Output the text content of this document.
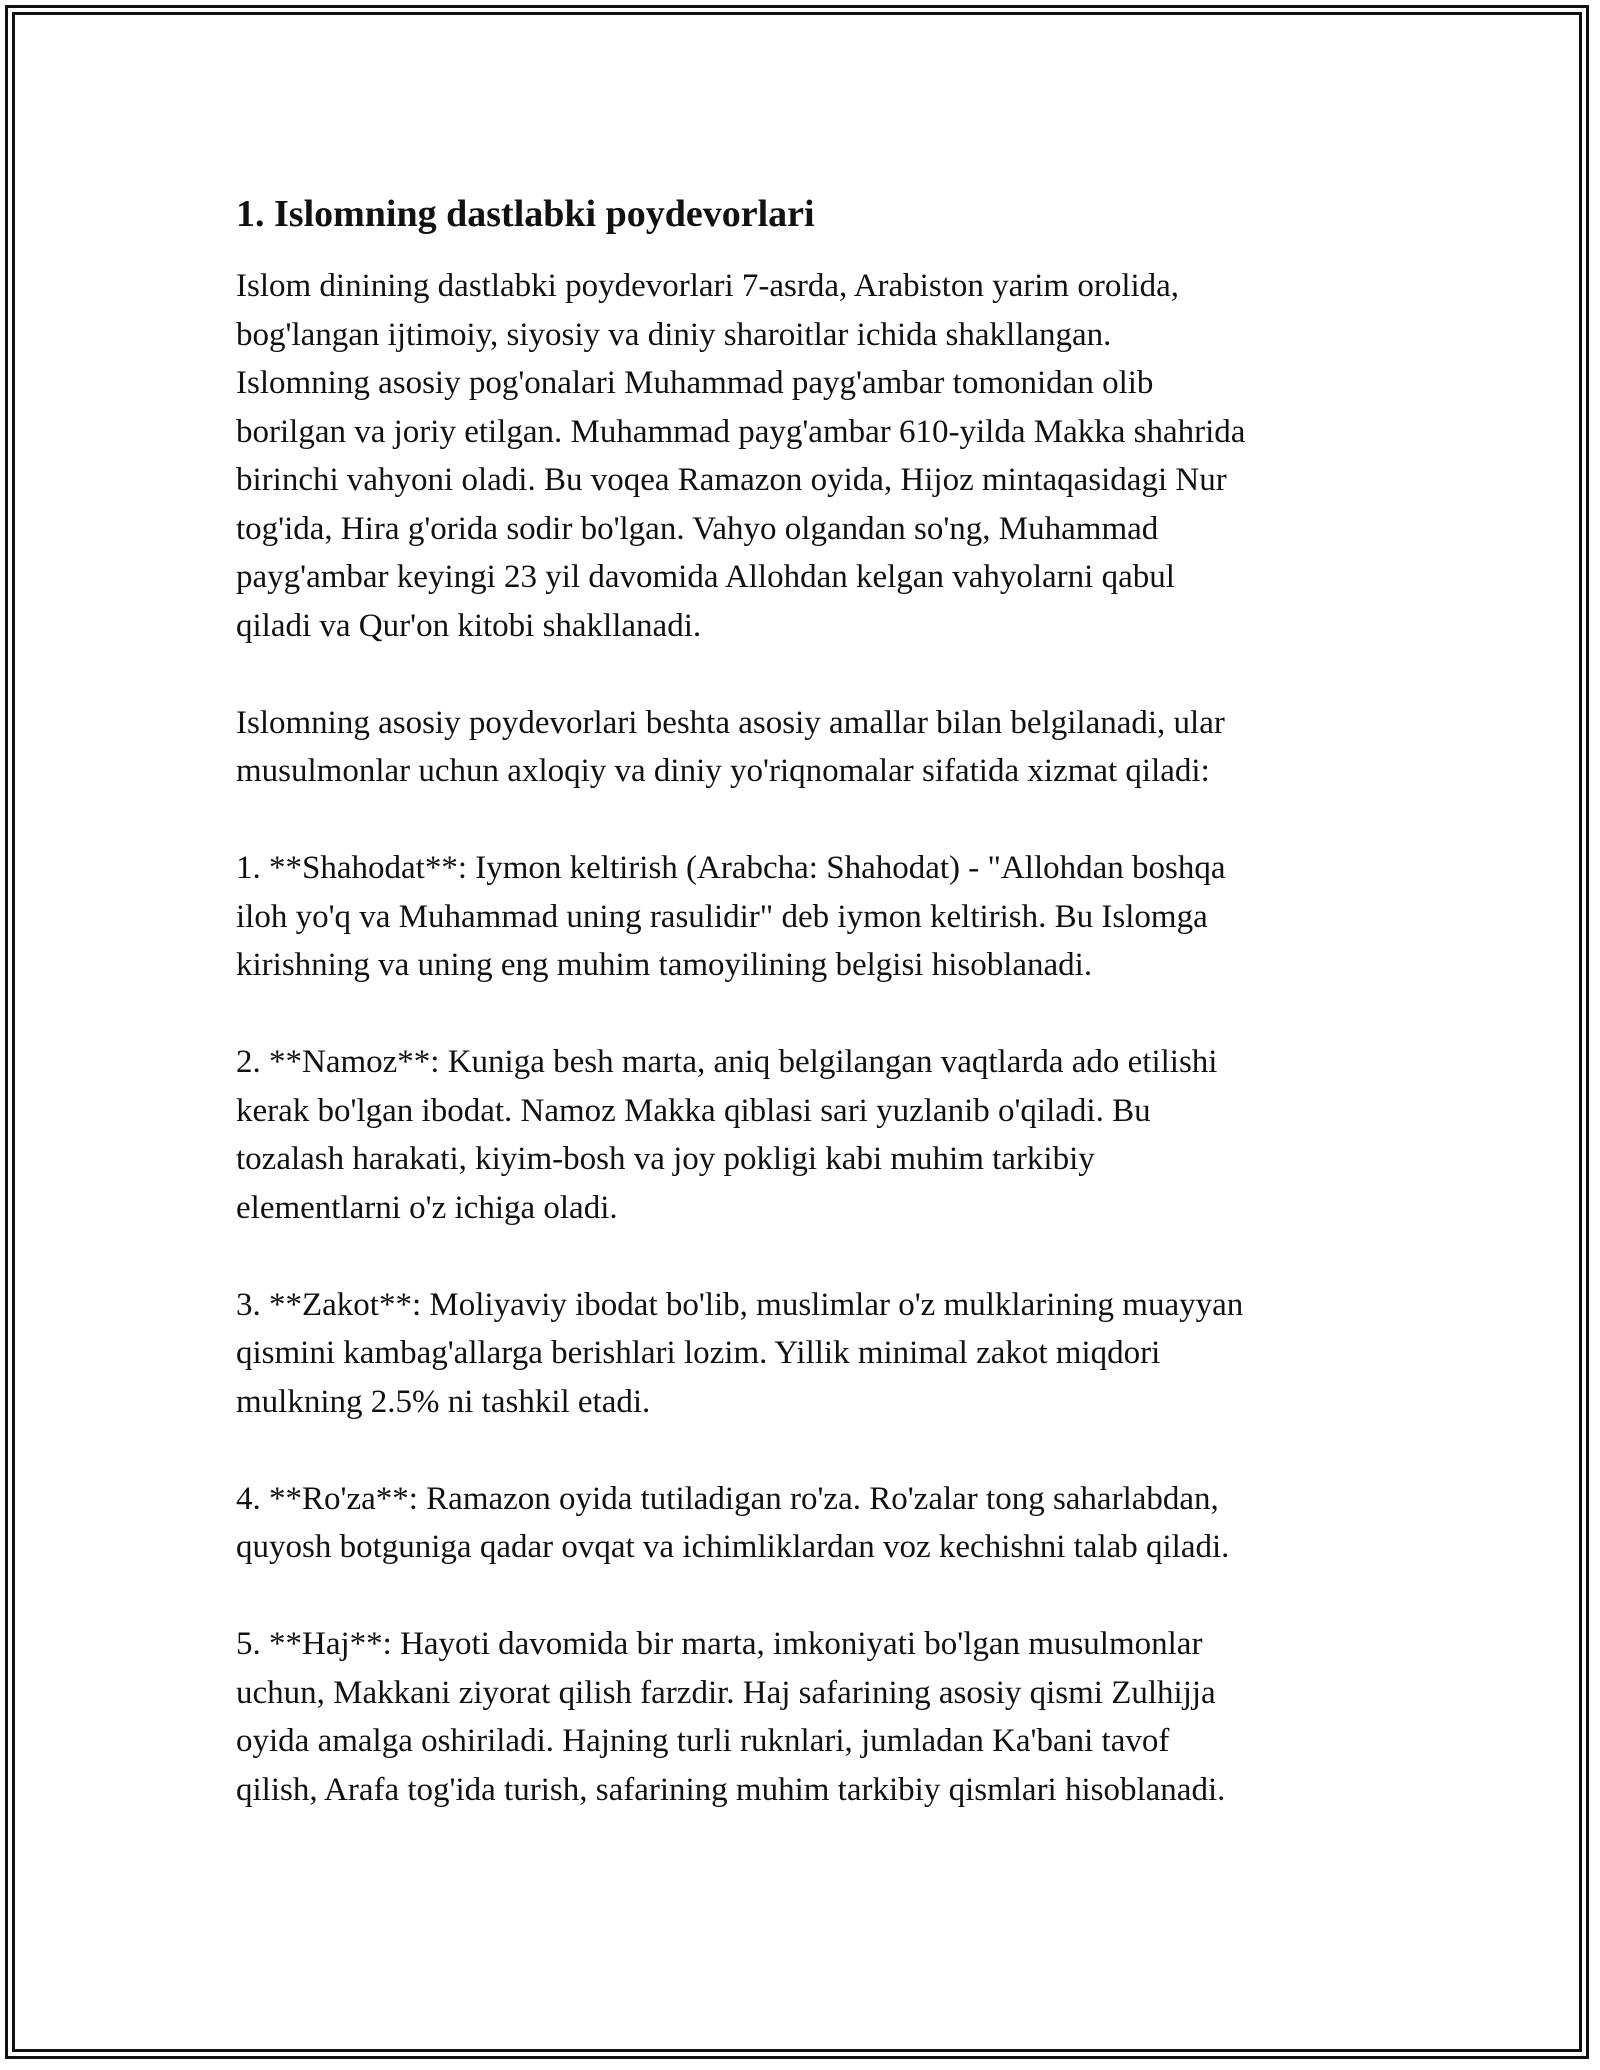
1. Islomning dastlabki poydevorlari

Islom dinining dastlabki poydevorlari 7-asrda, Arabiston yarim orolida,
bog'langan ijtimoiy, siyosiy va diniy sharoitlar ichida shakllangan.
Islomning asosiy pog'onalari Muhammad payg'ambar tomonidan olib
borilgan va joriy etilgan. Muhammad payg'ambar 610-yilda Makka shahrida
birinchi vahyoni oladi. Bu voqea Ramazon oyida, Hijoz mintaqasidagi Nur
tog'ida, Hira g'orida sodir bo'lgan. Vahyo olgandan so'ng, Muhammad
payg'ambar keyingi 23 yil davomida Allohdan kelgan vahyolarni qabul
qiladi va Qur'on kitobi shakllanadi.

Islomning asosiy poydevorlari beshta asosiy amallar bilan belgilanadi, ular
musulmonlar uchun axloqiy va diniy yo'riqnomalar sifatida xizmat qiladi:

1. **Shahodat**: Iymon keltirish (Arabcha: Shahodat) - "Allohdan boshqa
iloh yo'q va Muhammad uning rasulidir" deb iymon keltirish. Bu Islomga
kirishning va uning eng muhim tamoyilining belgisi hisoblanadi.

2. **Namoz**: Kuniga besh marta, aniq belgilangan vaqtlarda ado etilishi
kerak bo'lgan ibodat. Namoz Makka qiblasi sari yuzlanib o'qiladi. Bu
tozalash harakati, kiyim-bosh va joy pokligi kabi muhim tarkibiy
elementlarni o'z ichiga oladi.

3. **Zakot**: Moliyaviy ibodat bo'lib, muslimlar o'z mulklarining muayyan
qismini kambag'allarga berishlari lozim. Yillik minimal zakot miqdori
mulkning 2.5% ni tashkil etadi.

4. **Ro'za**: Ramazon oyida tutiladigan ro'za. Ro'zalar tong saharlabdan,
quyosh botguniga qadar ovqat va ichimliklardan voz kechishni talab qiladi.

5. **Haj**: Hayoti davomida bir marta, imkoniyati bo'lgan musulmonlar
uchun, Makkani ziyorat qilish farzdir. Haj safarining asosiy qismi Zulhijja
oyida amalga oshiriladi. Hajning turli ruknlari, jumladan Ka'bani tavof
qilish, Arafa tog'ida turish, safarining muhim tarkibiy qismlari hisoblanadi.
